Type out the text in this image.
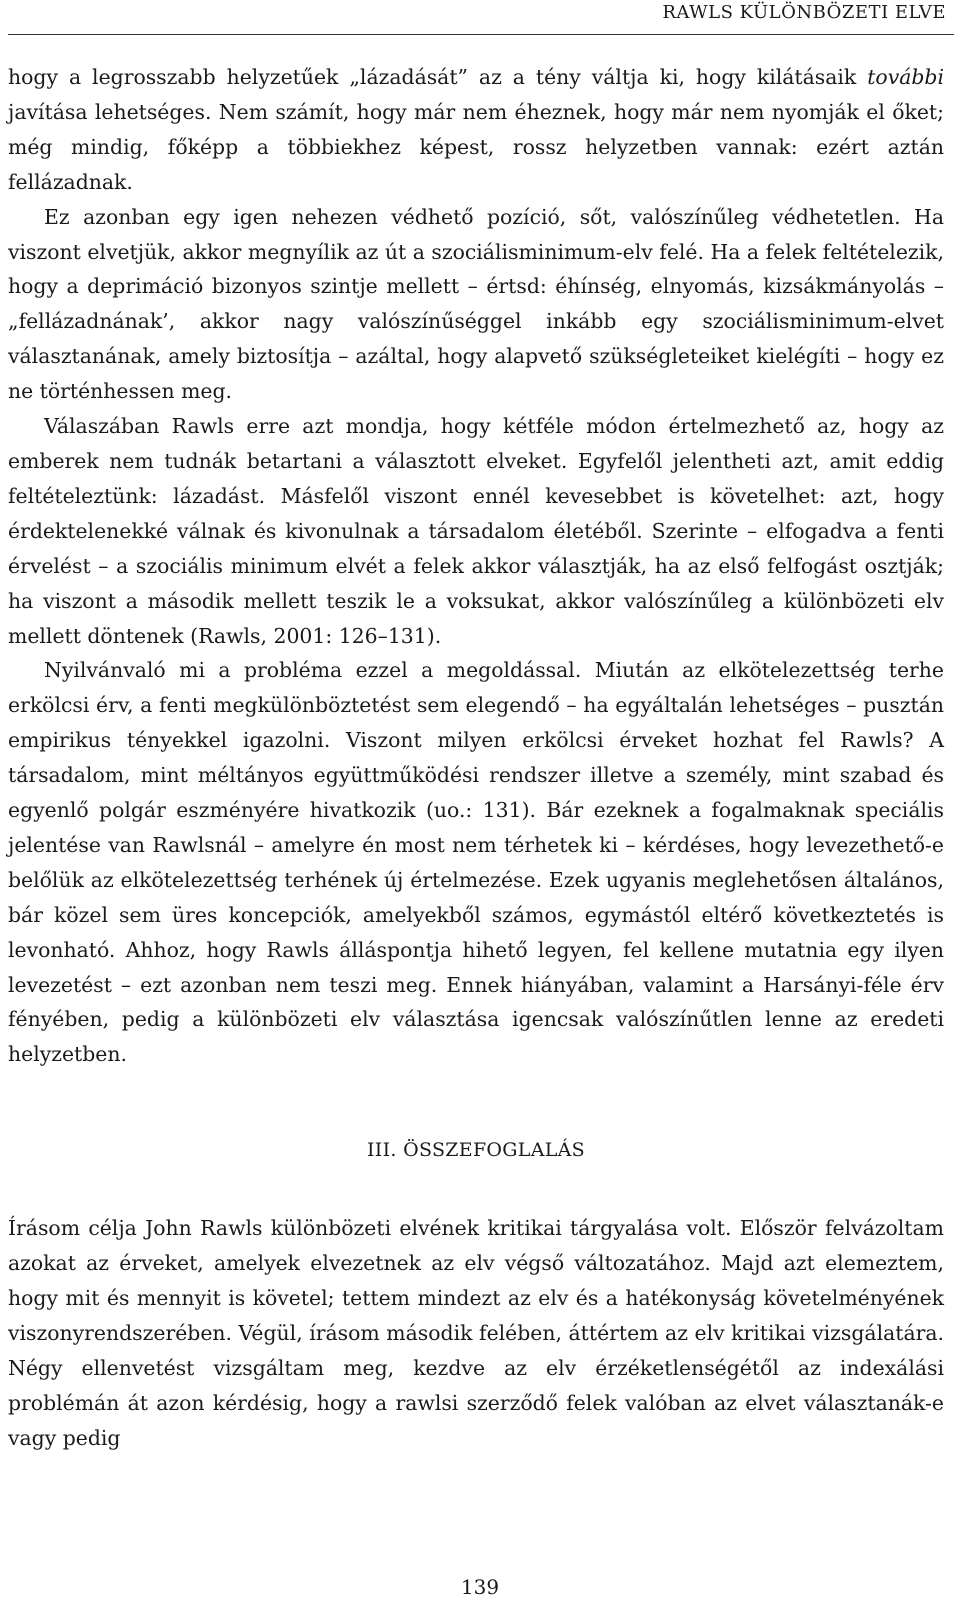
RAWLS KÜLÖNBÖZETI ELVE

hogy a legrosszabb helyzetűek „lázadását” az a tény váltja ki, hogy kilátásaik további javítása lehetséges. Nem számít, hogy már nem éheznek, hogy már nem nyomják el őket; még mindig, főképp a többiekhez képest, rossz helyzetben vannak: ezért aztán fellázadnak.

Ez azonban egy igen nehezen védhető pozíció, sőt, valószínűleg védhetetlen. Ha viszont elvetjük, akkor megnyílik az út a szociálisminimum-elv felé. Ha a felek feltételezik, hogy a deprimáció bizonyos szintje mellett – értsd: éhínség, elnyomás, kizsákmányolás – „fellázadnának’, akkor nagy valószínűséggel inkább egy szociálisminimum-elvet választanának, amely biztosítja – azáltal, hogy alapvető szükségleteiket kielégíti – hogy ez ne történhessen meg.

Válaszában Rawls erre azt mondja, hogy kétféle módon értelmezhető az, hogy az emberek nem tudnák betartani a választott elveket. Egyfelől jelentheti azt, amit eddig feltételeztünk: lázadást. Másfelől viszont ennél kevesebbet is követelhet: azt, hogy érdektelenekké válnak és kivonulnak a társadalom életéből. Szerinte – elfogadva a fenti érvelést – a szociális minimum elvét a felek akkor választják, ha az első felfogást osztják; ha viszont a második mellett teszik le a voksukat, akkor valószínűleg a különbözeti elv mellett döntenek (Rawls, 2001: 126–131).

Nyilvánvaló mi a probléma ezzel a megoldással. Miután az elkötelezettség terhe erkölcsi érv, a fenti megkülönböztetést sem elegendő – ha egyáltalán lehetséges – pusztán empirikus tényekkel igazolni. Viszont milyen erkölcsi érveket hozhat fel Rawls? A társadalom, mint méltányos együttműködési rendszer illetve a személy, mint szabad és egyenlő polgár eszményére hivatkozik (uo.: 131). Bár ezeknek a fogalmaknak speciális jelentése van Rawlsnál – amelyre én most nem térhetek ki – kérdéses, hogy levezethető-e belőlük az elkötelezettség terhének új értelmezése. Ezek ugyanis meglehetősen általános, bár közel sem üres koncepciók, amelyekből számos, egymástól eltérő következtetés is levonható. Ahhoz, hogy Rawls álláspontja hihető legyen, fel kellene mutatnia egy ilyen levezetést – ezt azonban nem teszi meg. Ennek hiányában, valamint a Harsányi-féle érv fényében, pedig a különbözeti elv választása igencsak valószínűtlen lenne az eredeti helyzetben.

III. ÖSSZEFOGLALÁS

Írásom célja John Rawls különbözeti elvének kritikai tárgyalása volt. Először felvázoltam azokat az érveket, amelyek elvezetnek az elv végső változatához. Majd azt elemeztem, hogy mit és mennyit is követel; tettem mindezt az elv és a hatékonyság követelményének viszonyrendszerében. Végül, írásom második felében, áttértem az elv kritikai vizsgálatára. Négy ellenvetést vizsgáltam meg, kezdve az elv érzéketlenségétől az indexálási problémán át azon kérdésig, hogy a rawlsi szerződő felek valóban az elvet választanák-e vagy pedig

139
